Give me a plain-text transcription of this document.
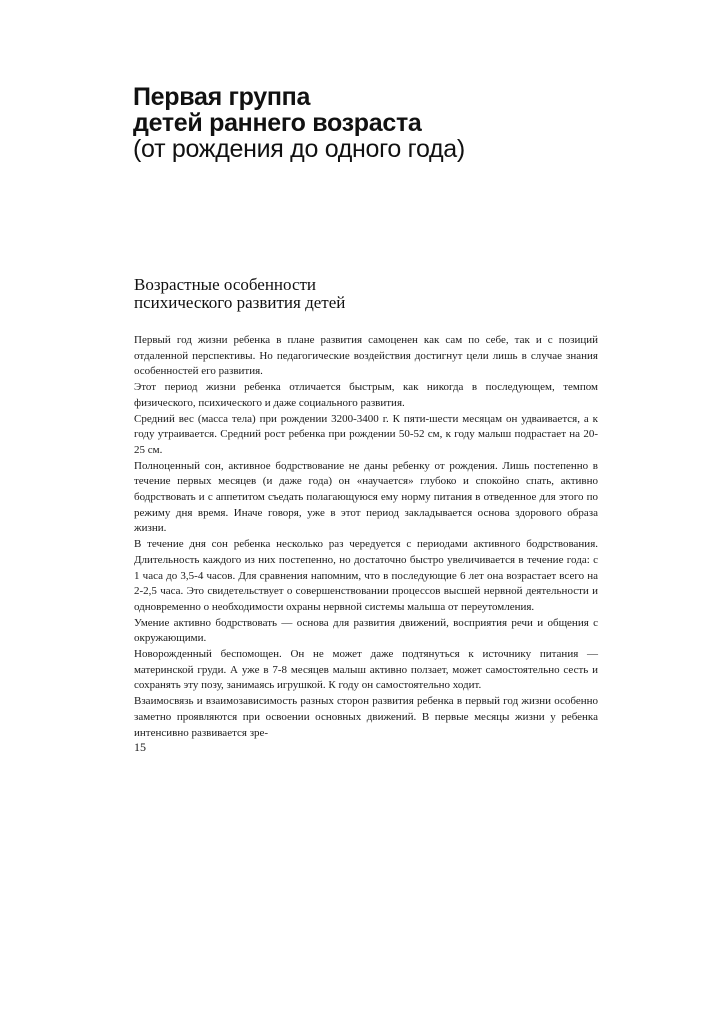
Первая группа
детей раннего возраста
(от рождения до одного года)
Возрастные особенности
психического развития детей

Первый год жизни ребенка в плане развития самоценен как сам по себе, так и с позиций отдаленной перспективы. Но педагогические воздействия достигнут цели лишь в случае знания особенностей его развития.

Этот период жизни ребенка отличается быстрым, как никогда в последующем, темпом физического, психического и даже социального развития.

Средний вес (масса тела) при рождении 3200-3400 г. К пяти-шести месяцам он удваивается, а к году утраивается. Средний рост ребенка при рождении 50-52 см, к году малыш подрастает на 20-25 см.

Полноценный сон, активное бодрствование не даны ребенку от рождения. Лишь постепенно в течение первых месяцев (и даже года) он «научается» глубоко и спокойно спать, активно бодрствовать и с аппетитом съедать полагающуюся ему норму питания в отведенное для этого по режиму дня время. Иначе говоря, уже в этот период закладывается основа здорового образа жизни.

В течение дня сон ребенка несколько раз чередуется с периодами активного бодрствования. Длительность каждого из них постепенно, но достаточно быстро увеличивается в течение года: с 1 часа до 3,5-4 часов. Для сравнения напомним, что в последующие 6 лет она возрастает всего на 2-2,5 часа. Это свидетельствует о совершенствовании процессов высшей нервной деятельности и одновременно о необходимости охраны нервной системы малыша от переутомления.

Умение активно бодрствовать — основа для развития движений, восприятия речи и общения с окружающими.

Новорожденный беспомощен. Он не может даже подтянуться к источнику питания — материнской груди. А уже в 7-8 месяцев малыш активно ползает, может самостоятельно сесть и сохранять эту позу, занимаясь игрушкой. К году он самостоятельно ходит.

Взаимосвязь и взаимозависимость разных сторон развития ребенка в первый год жизни особенно заметно проявляются при освоении основных движений. В первые месяцы жизни у ребенка интенсивно развивается зре-

15
